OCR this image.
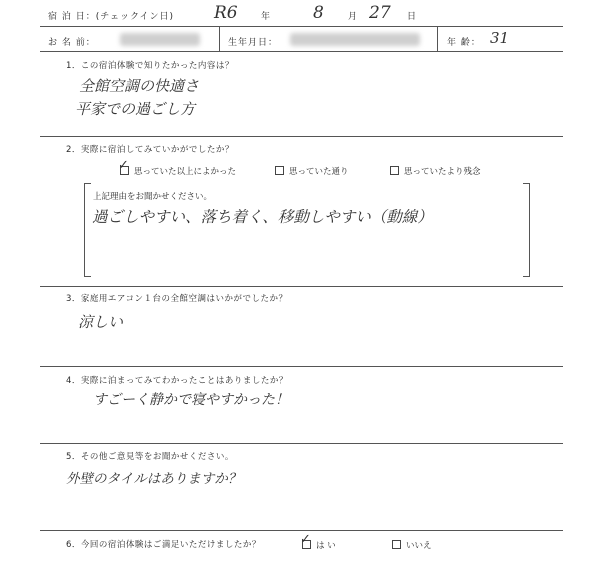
宿 泊 日：(チェックイン日) R6	年 8	月 27 日
お 名 前：	生年月日：	年 齢： 31
1．この宿泊体験で知りたかった内容は？
全館空調の快適さ
平家での過ごし方
2．実際に宿泊してみていかがでしたか？
思っていた以上によかった
✓	思っていた通り	思っていたより残念
上記理由をお聞かせください。
過ごしやすい、落ち着く、移動しやすい（動線）
3．家庭用エアコン１台の全館空調はいかがでしたか？
涼しい
4．実際に泊まってみてわかったことはありましたか？
すごーく静かで寝やすかった！
5．その他ご意見等をお聞かせください。
外壁のタイルはありますか？
6．今回の宿泊体験はご満足いただけましたか？	は い
✓	いいえ
